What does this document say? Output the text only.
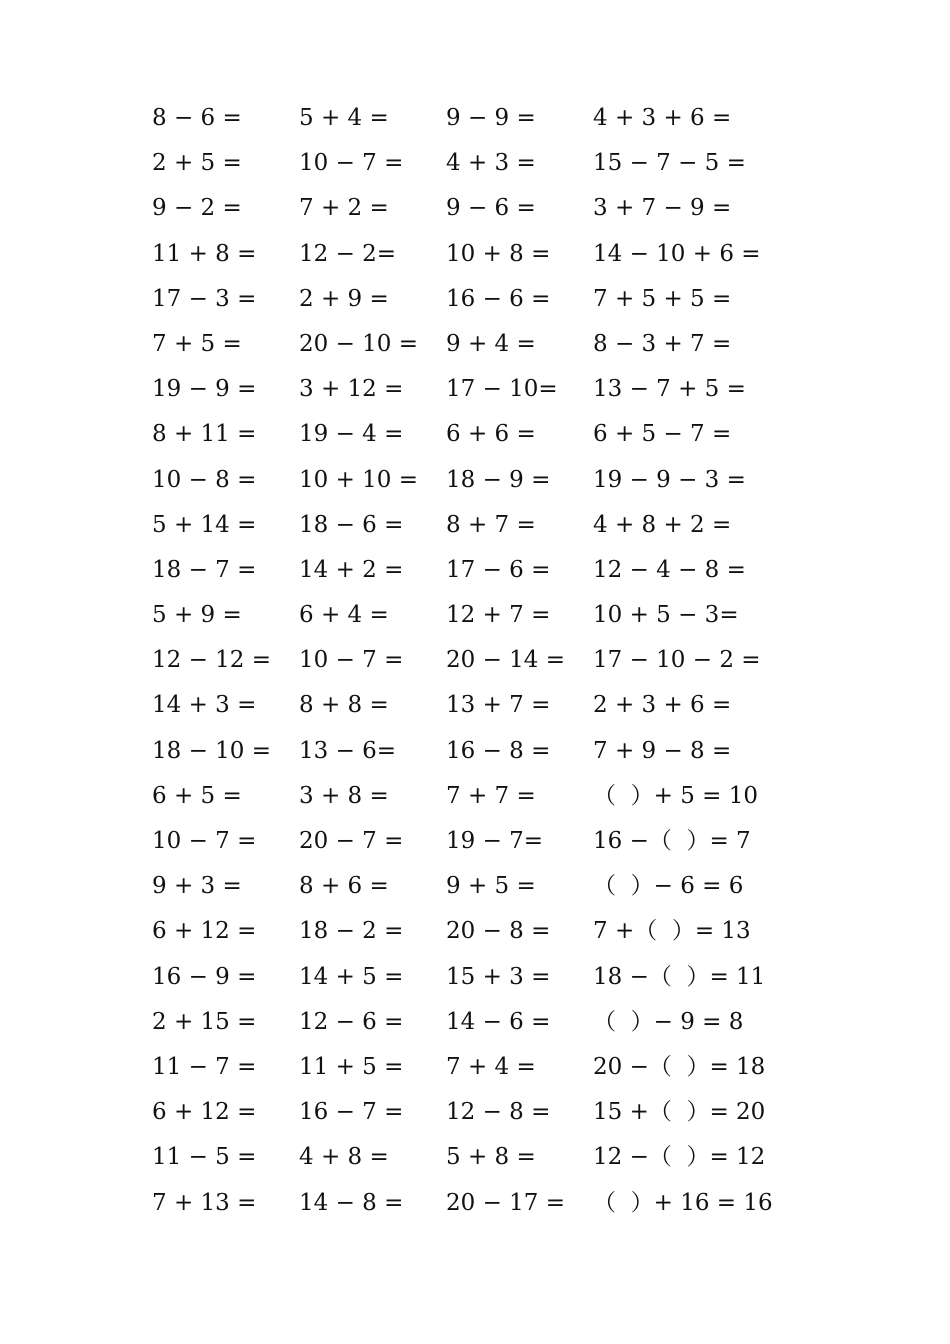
8 − 6 = 5 + 4 = 9 − 9 = 4 + 3 + 6 =
2 + 5 = 10 − 7 = 4 + 3 = 15 − 7 − 5 =
9 − 2 = 7 + 2 = 9 − 6 = 3 + 7 − 9 =
11 + 8 = 12 − 2= 10 + 8 = 14 − 10 + 6 =
17 − 3 = 2 + 9 = 16 − 6 = 7 + 5 + 5 =
7 + 5 = 20 − 10 = 9 + 4 = 8 − 3 + 7 =
19 − 9 = 3 + 12 = 17 − 10= 13 − 7 + 5 =
8 + 11 = 19 − 4 = 6 + 6 = 6 + 5 − 7 =
10 − 8 = 10 + 10 = 18 − 9 = 19 − 9 − 3 =
5 + 14 = 18 − 6 = 8 + 7 = 4 + 8 + 2 =
18 − 7 = 14 + 2 = 17 − 6 = 12 − 4 − 8 =
5 + 9 = 6 + 4 = 12 + 7 = 10 + 5 − 3=
12 − 12 = 10 − 7 = 20 − 14 = 17 − 10 − 2 =
14 + 3 = 8 + 8 = 13 + 7 = 2 + 3 + 6 =
18 − 10 = 13 − 6= 16 − 8 = 7 + 9 − 8 =
6 + 5 = 3 + 8 = 7 + 7 = （  ）+ 5 = 10
10 − 7 = 20 − 7 = 19 − 7= 16 −（  ）= 7
9 + 3 = 8 + 6 = 9 + 5 = （  ）− 6 = 6
6 + 12 = 18 − 2 = 20 − 8 = 7 +（  ）= 13
16 − 9 = 14 + 5 = 15 + 3 = 18 −（  ）= 11
2 + 15 = 12 − 6 = 14 − 6 = （  ）− 9 = 8
11 − 7 = 11 + 5 = 7 + 4 = 20 −（  ）= 18
6 + 12 = 16 − 7 = 12 − 8 = 15 +（  ）= 20
11 − 5 = 4 + 8 = 5 + 8 = 12 −（  ）= 12
7 + 13 = 14 − 8 = 20 − 17 = （  ）+ 16 = 16
